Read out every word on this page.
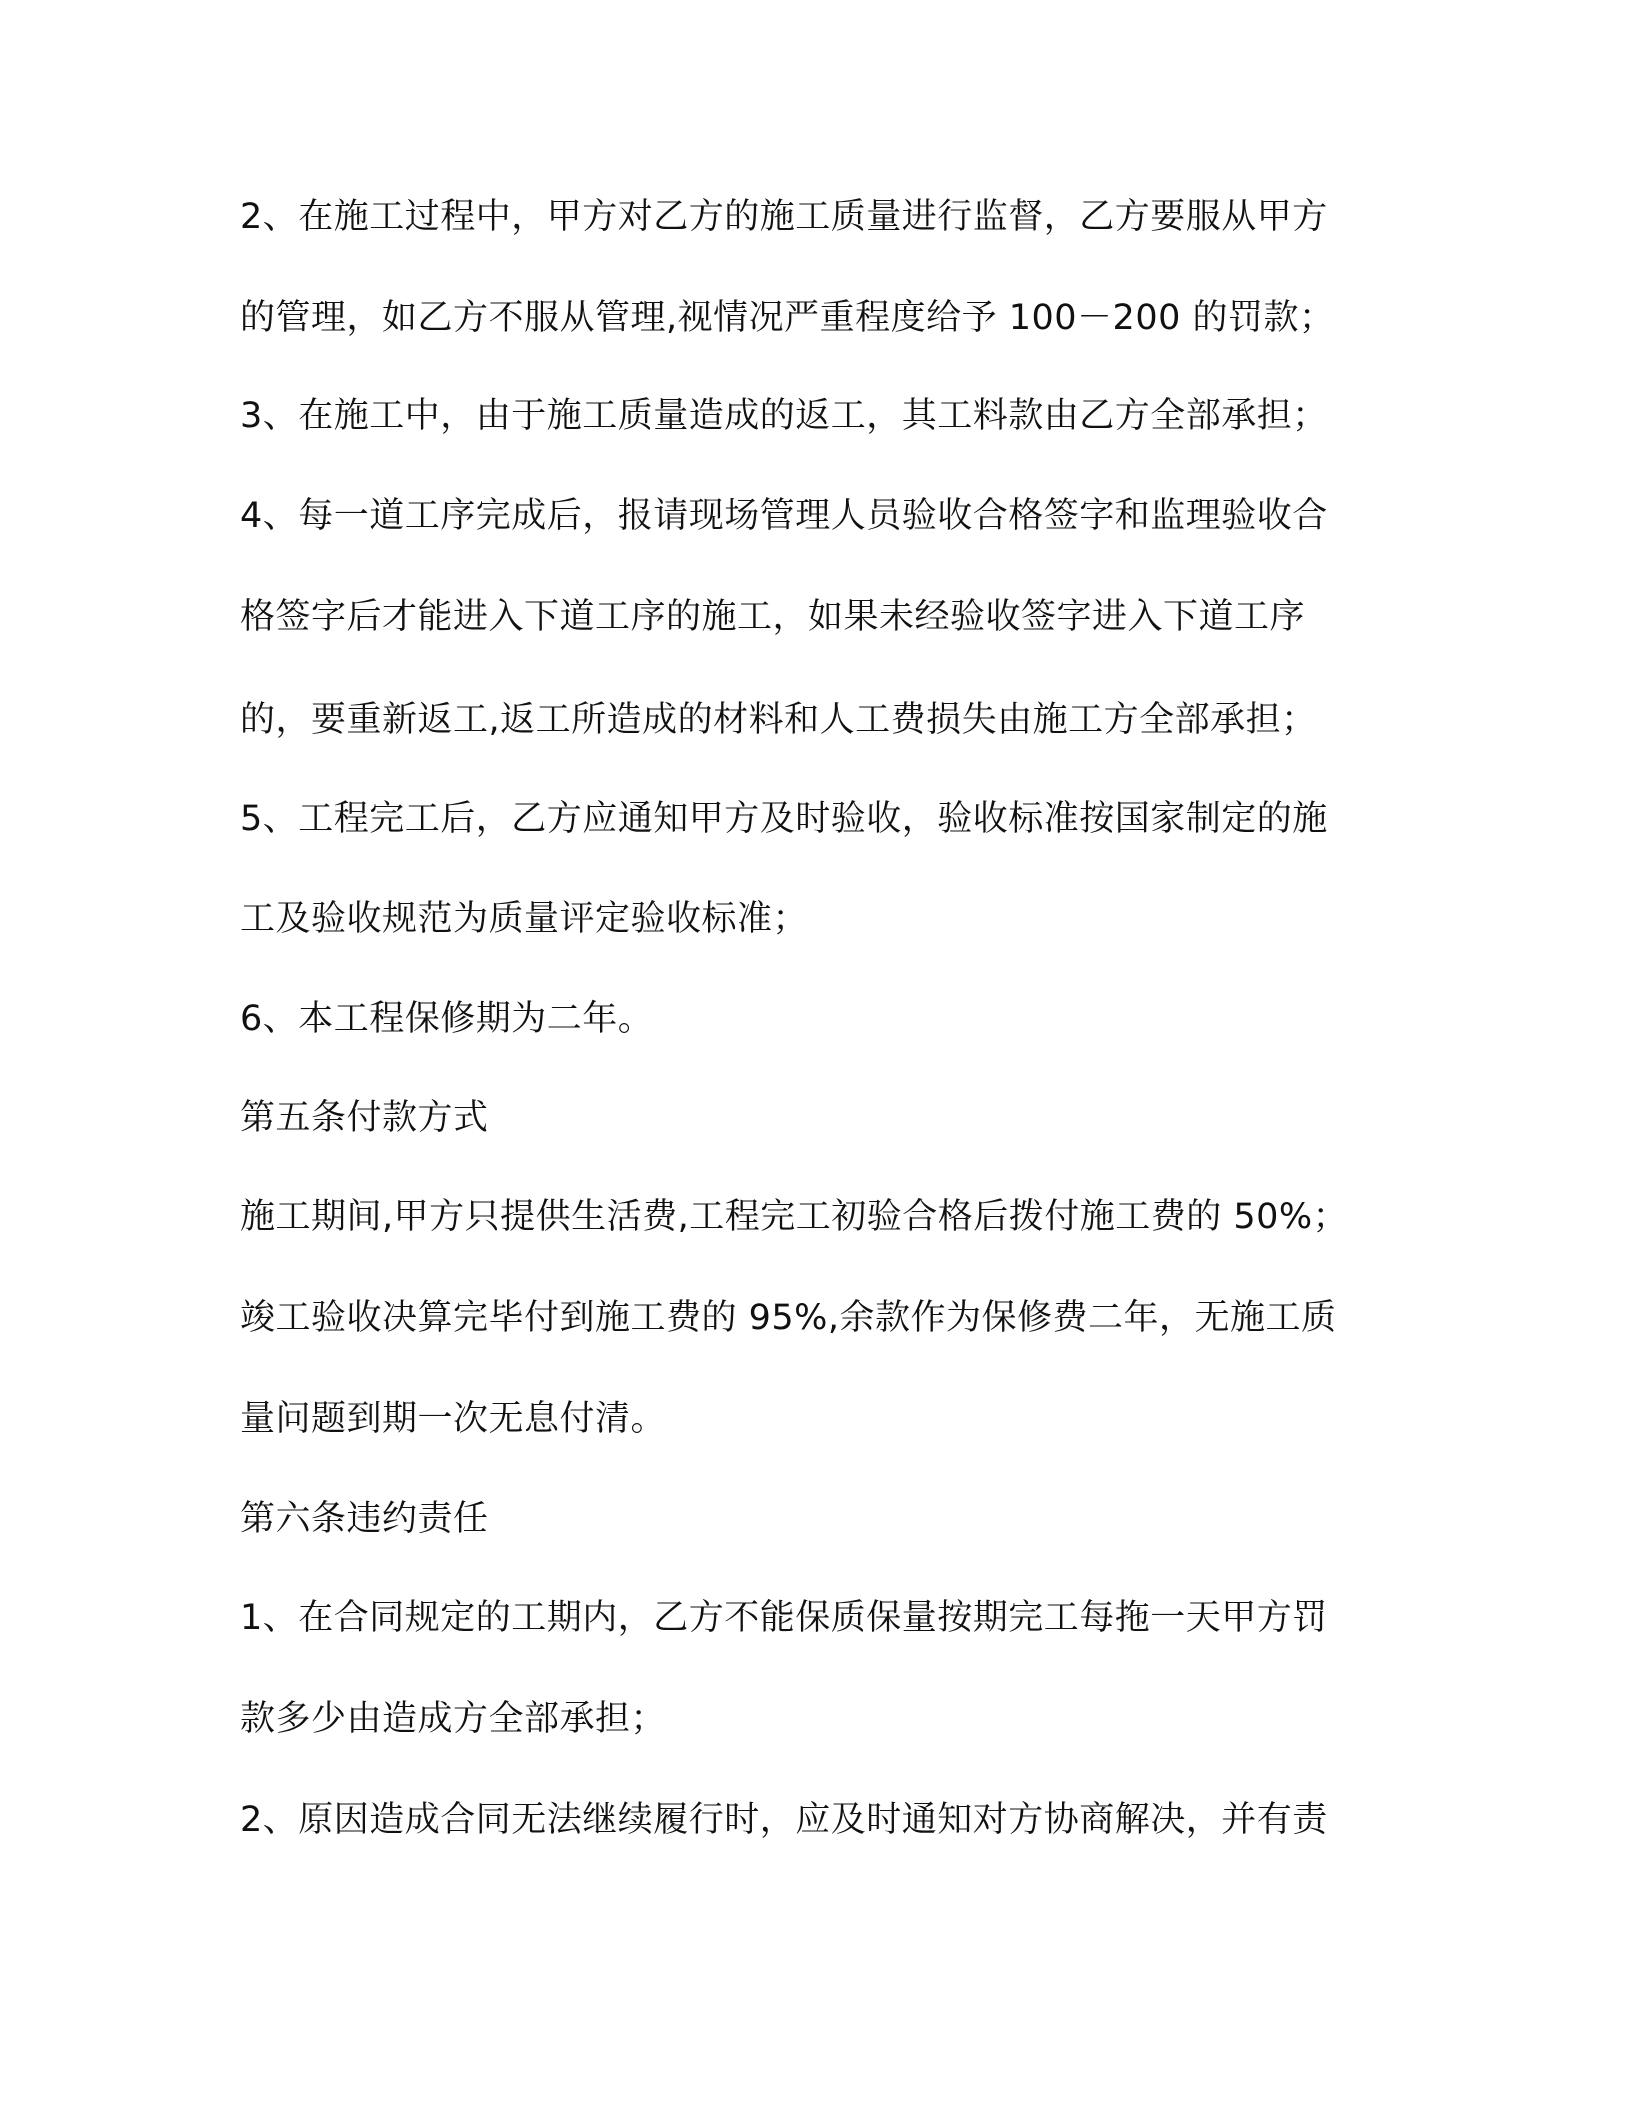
2、在施工过程中，甲方对乙方的施工质量进行监督，乙方要服从甲方
的管理，如乙方不服从管理,视情况严重程度给予 100－200 的罚款；
3、在施工中，由于施工质量造成的返工，其工料款由乙方全部承担；
4、每一道工序完成后，报请现场管理人员验收合格签字和监理验收合
格签字后才能进入下道工序的施工，如果未经验收签字进入下道工序
的，要重新返工,返工所造成的材料和人工费损失由施工方全部承担；
5、工程完工后，乙方应通知甲方及时验收，验收标准按国家制定的施
工及验收规范为质量评定验收标准；
6、本工程保修期为二年。
第五条付款方式
施工期间,甲方只提供生活费,工程完工初验合格后拨付施工费的 50%；
竣工验收决算完毕付到施工费的 95%,余款作为保修费二年，无施工质
量问题到期一次无息付清。
第六条违约责任
1、在合同规定的工期内，乙方不能保质保量按期完工每拖一天甲方罚
款多少由造成方全部承担；
2、原因造成合同无法继续履行时，应及时通知对方协商解决，并有责
